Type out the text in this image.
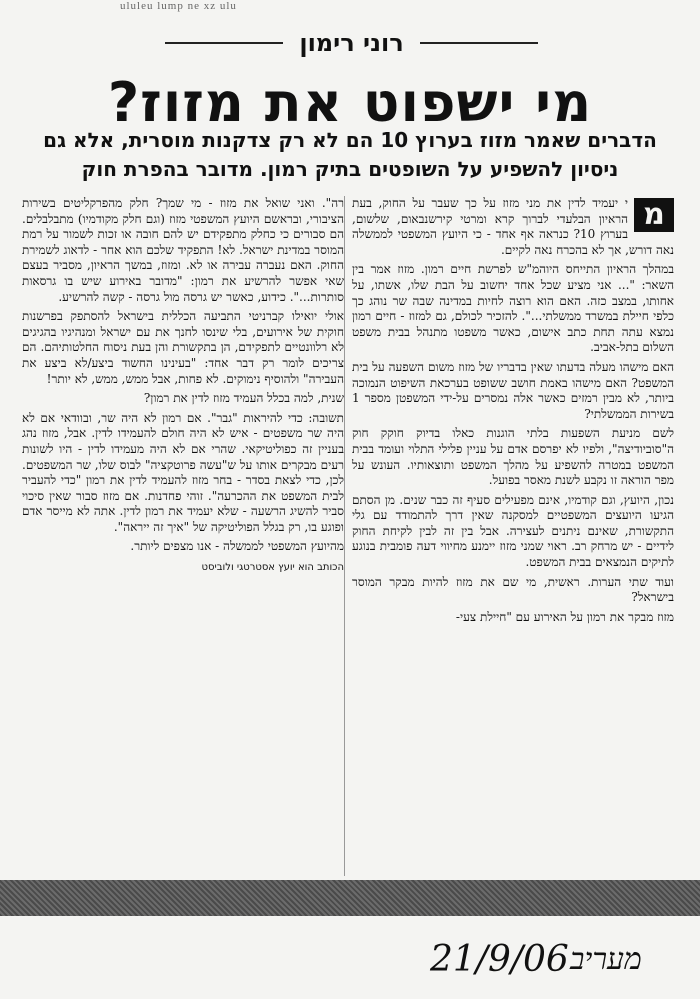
ululeu lump ne xz ulu
רוני רימון
מי ישפוט את מזוז?
הדברים שאמר מזוז בערוץ 10 הם לא רק צדקנות מוסרית, אלא גם ניסיון להשפיע על השופטים בתיק רמון. מדובר בהפרת חוק
מ

י יעמיד לדין את מני מזוז על כך שעבר על החוק, בעת הראיון הבלעדי לברוך קרא ומרטי קירשנבאום, שלשום, בערוץ 10? כנראה אף אחד - כי היועץ המשפטי לממשלה נאה דורש, אך לא בהכרח נאה לקיים.

במהלך הראיון התייחס היוהמ"ש לפרשת חיים רמון. מזוז אמר בין השאר: "... אני מציע שכל אחד יחשוב על הבת שלו, אשתו, על אחותו, במצב כזה. האם הוא רוצה לחיות במדינה שבה שר נוהג כך כלפי חיילת במשרד ממשלתי...". להזכיר לכולם, גם למזוז - חיים רמון נמצא עתה תחת כתב אישום, כאשר משפטו מתנהל בבית משפט השלום בתל-אביב.

האם מישהו מעלה בדעתו שאין בדבריו של מזוז משום השפעה על בית המשפט? האם מישהו באמת חושב ששופט בערכאת השיפוט הנמוכה ביותר, לא מבין רמזים כאשר אלה נמסרים על-ידי המשפטן מספר 1 בשירות הממשלתי?

לשם מניעת השפעות בלתי הוגנות כאלו בדיוק חוקק חוק ה"סוביודיצה", ולפיו לא יפרסם אדם על עניין פלילי התלוי ועומד בבית המשפט במטרה להשפיע על מהלך המשפט ותוצאותיו. העונש על מפר הוראה זו נקבע לשנת מאסר בפועל.

נכון, היועץ, וגם קודמיו, אינם מפעילים סעיף זה כבר שנים. מן הסתם הגיעו היועצים המשפטיים למסקנה שאין דרך להתמודד עם גלי התקשורת, שאינם ניתנים לעצירה. אבל בין זה לבין לקיחת החוק לידיים - יש מרחק רב. ראוי שמני מזוז יימנע מחיווי דעה פומבית בנוגע לתיקים הנמצאים בבית המשפט.

ועוד שתי הערות. ראשית, מי שם את מזוז להיות מבקר המוסר בישראל?

מזוז מבקר את רמון על האירוע עם "חיילת צעי-

רה". ואני שואל את מזוז - מי שמך? חלק מהפרקליטים בשירות הציבורי, ובראשם היועץ המשפטי מזוז (וגם חלק מקודמיו) מתבלבלים. הם סבורים כי כחלק מתפקידם יש להם חובה או זכות לשמור על רמת המוסר במדינת ישראל. לא! התפקיד שלכם הוא אחר - לדאוג לשמירת החוק. האם נעברה עבירה או לא. ומזוז, במשך הראיון, מסביר בעצם שאי אפשר להרשיע את רמון: "מדובר באירוע שיש בו גרסאות סותרות...". כידוע, כאשר יש גרסה מול גרסה - קשה להרשיע.

אולי יואילו קברניטי התביעה הכללית בישראל להסתפק בפרשנות חוקית של אירועים, בלי שינסו לחנך את עם ישראל ומנהיגיו בהגיגים לא רלוונטיים לתפקידם, הן בתקשורת והן בעת ניסוח החלטותיהם. הם צריכים לומר רק דבר אחד: "בעינינו החשוד ביצע/לא ביצע את העבירה" ולהוסיף נימוקים. לא פחות, אבל ממש, ממש, לא יותר!

שנית, למה בכלל העמיד מזוז לדין את רמון?

תשובה: כדי להיראות "גבר". אם רמון לא היה שר, ובוודאי אם לא היה שר משפטים - איש לא היה חולם להעמידו לדין. אבל, מזוז נהג בעניין זה כפוליטיקאי. שהרי אם לא היה מעמידו לדין - היו לשונות רעים מבקרים אותו על ש"עשה פרוטקציה" לבוס שלו, שר המשפטים. לכן, כדי לצאת בסדר - בחר מזוז להעמיד לדין את רמון "כדי להעביר לבית המשפט את ההכרעה". זוהי פחדנות. אם מזוז סבור שאין סיכוי סביר להשיג הרשעה - שלא יעמיד את רמון לדין. אתה לא מייסר אדם ופוגע בו, רק בגלל הפוליטיקה של "איך זה ייראה".

מהיועץ המשפטי לממשלה - אנו מצפים ליותר.

הכותב הוא יועץ אסטרטגי ולוביסט
21/9/06 מעריב
